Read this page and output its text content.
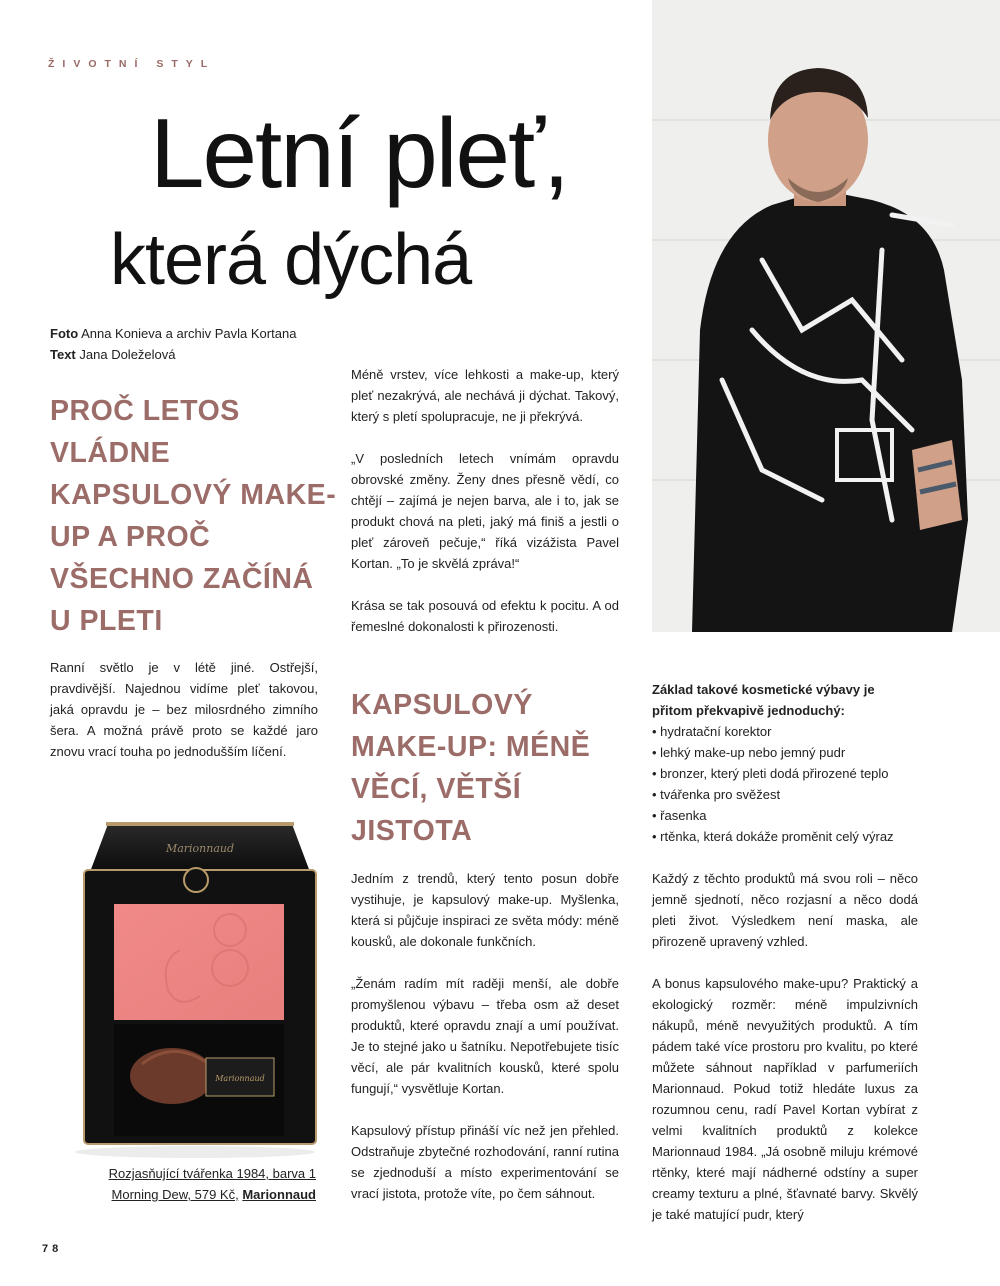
ŽIVOTNÍ STYL
Letní pleť,
která dýchá
Foto Anna Konieva a archiv Pavla Kortana
Text Jana Doleželová
PROČ LETOS VLÁDNE KAPSULOVÝ MAKE-UP A PROČ VŠECHNO ZAČÍNÁ U PLETI

Ranní světlo je v létě jiné. Ostřejší, pravdivější. Najednou vidíme pleť takovou, jaká opravdu je – bez milosrdného zimního šera. A možná právě proto se každé jaro znovu vrací touha po jednodušším líčení.

Méně vrstev, více lehkosti a make-up, který pleť nezakrývá, ale nechává ji dýchat. Takový, který s pletí spolupracuje, ne ji překrývá.

„V posledních letech vnímám opravdu obrovské změny. Ženy dnes přesně vědí, co chtějí – zajímá je nejen barva, ale i to, jak se produkt chová na pleti, jaký má finiš a jestli o pleť zároveň pečuje,“ říká vizážista Pavel Kortan. „To je skvělá zpráva!“

Krása se tak posouvá od efektu k pocitu. A od řemeslné dokonalosti k přirozenosti.

KAPSULOVÝ MAKE-UP: MÉNĚ VĚCÍ, VĚTŠÍ JISTOTA

Jedním z trendů, který tento posun dobře vystihuje, je kapsulový make-up. Myšlenka, která si půjčuje inspiraci ze světa módy: méně kousků, ale dokonale funkčních.

„Ženám radím mít raději menší, ale dobře promyšlenou výbavu – třeba osm až deset produktů, které opravdu znají a umí používat. Je to stejné jako u šatníku. Nepotřebujete tisíc věcí, ale pár kvalitních kousků, které spolu fungují,“ vysvětluje Kortan.

Kapsulový přístup přináší víc než jen přehled. Odstraňuje zbytečné rozhodování, ranní rutina se zjednoduší a místo experimentování se vrací jistota, protože víte, po čem sáhnout.

Základ takové kosmetické výbavy je přitom překvapivě jednoduchý:

• hydratační korektor
• lehký make-up nebo jemný pudr
• bronzer, který pleti dodá přirozené teplo
• tvářenka pro svěžest
• řasenka
• rtěnka, která dokáže proměnit celý výraz

Každý z těchto produktů má svou roli – něco jemně sjednotí, něco rozjasní a něco dodá pleti život. Výsledkem není maska, ale přirozeně upravený vzhled.

A bonus kapsulového make-upu? Praktický a ekologický rozměr: méně impulzivních nákupů, méně nevyužitých produktů. A tím pádem také více prostoru pro kvalitu, po které můžete sáhnout například v parfumeriích Marionnaud. Pokud totiž hledáte luxus za rozumnou cenu, radí Pavel Kortan vybírat z velmi kvalitních produktů z kolekce Marionnaud 1984. „Já osobně miluju krémové rtěnky, které mají nádherné odstíny a super creamy texturu a plné, šťavnaté barvy. Skvělý je také matující pudr, který

Marionnaud
Marionnaud
Rozjasňující tvářenka 1984, barva 1 Morning Dew, 579 Kč, Marionnaud
78
